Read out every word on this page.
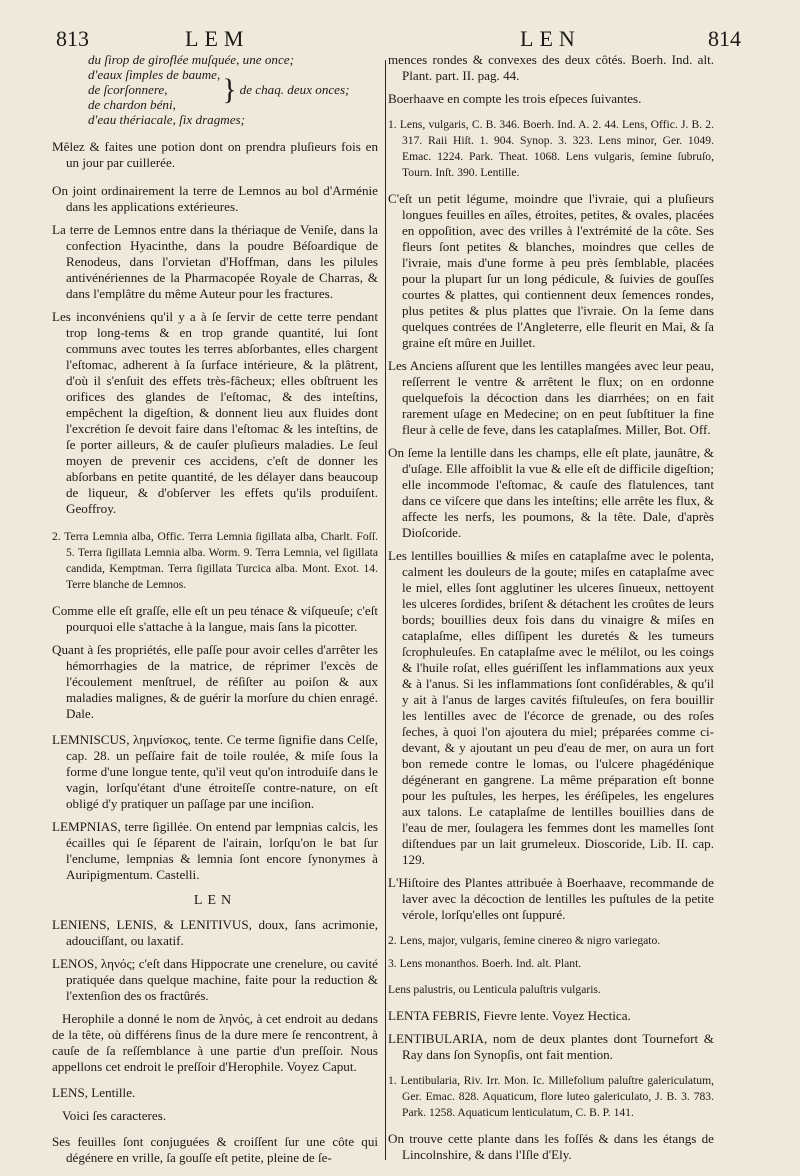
813	LEM	LEN	814
du ſirop de giroflée muſquée, une once;
d'eaux ſimples de baume,
de ſcorſonnere,
de chardon béni,	} de chaq. deux onces;
d'eau thériacale, ſix dragmes;

Mêlez & faites une potion dont on prendra pluſieurs fois en un jour par cuillerée.

On joint ordinairement la terre de Lemnos au bol d'Arménie dans les applications extérieures.

La terre de Lemnos entre dans la thériaque de Veniſe, dans la confection Hyacinthe, dans la poudre Béſoardique de Renodeus, dans l'orvietan d'Hoffman, dans les pilules antivénériennes de la Pharmacopée Royale de Charras, & dans l'emplâtre du même Auteur pour les fractures.

Les inconvéniens qu'il y a à ſe ſervir de cette terre pendant trop long-tems & en trop grande quantité, lui ſont communs avec toutes les terres abſorbantes, elles chargent l'eſtomac, adherent à ſa ſurface intérieure, & la plâtrent, d'où il s'enſuit des effets très-fâcheux; elles obſtruent les orifices des glandes de l'eſtomac, & des inteſtins, empêchent la digeſtion, & donnent lieu aux fluides dont l'excrétion ſe devoit faire dans l'eſtomac & les inteſtins, de ſe porter ailleurs, & de cauſer pluſieurs maladies. Le ſeul moyen de prevenir ces accidens, c'eſt de donner les abſorbans en petite quantité, de les délayer dans beaucoup de liqueur, & d'obſerver les effets qu'ils produiſent. Geoffroy.

2. Terra Lemnia alba, Offic. Terra Lemnia ſigillata alba, Charlt. Foſſ. 5. Terra ſigillata Lemnia alba. Worm. 9. Terra Lemnia, vel ſigillata candida, Kemptman. Terra ſigillata Turcica alba. Mont. Exot. 14. Terre blanche de Lemnos.

Comme elle eſt graſſe, elle eſt un peu ténace & viſqueuſe; c'eſt pourquoi elle s'attache à la langue, mais ſans la picotter.

Quant à ſes propriétés, elle paſſe pour avoir celles d'arrêter les hémorrhagies de la matrice, de réprimer l'excès de l'écoulement menſtruel, de réſiſter au poiſon & aux maladies malignes, & de guérir la morſure du chien enragé. Dale.

LEMNISCUS, λημνίσκος, tente. Ce terme ſignifie dans Celſe, cap. 28. un peſſaire fait de toile roulée, & miſe ſous la forme d'une longue tente, qu'il veut qu'on introduiſe dans le vagin, lorſqu'étant d'une étroiteſſe contre-nature, on eſt obligé d'y pratiquer un paſſage par une inciſion.

LEMPNIAS, terre ſigillée. On entend par lempnias calcis, les écailles qui ſe ſéparent de l'airain, lorſqu'on le bat ſur l'enclume, lempnias & lemnia ſont encore ſynonymes à Auripigmentum. Castelli.

LEN

LENIENS, LENIS, & LENITIVUS, doux, ſans acrimonie, adouciſſant, ou laxatif.

LENOS, ληνός; c'eſt dans Hippocrate une crenelure, ou cavité pratiquée dans quelque machine, faite pour la reduction & l'extenſion des os fractûrés.

Herophile a donné le nom de ληνός, à cet endroit au dedans de la tête, où différens ſinus de la dure mere ſe rencontrent, à cauſe de ſa reſſemblance à une partie d'un preſſoir. Nous appellons cet endroit le preſſoir d'Herophile. Voyez Caput.

LENS, Lentille.

Voici ſes caracteres.

Ses feuilles ſont conjuguées & croiſſent ſur une côte qui dégénere en vrille, ſa gouſſe eſt petite, pleine de ſe-

mences rondes & convexes des deux côtés. Boerh. Ind. alt. Plant. part. II. pag. 44.

Boerhaave en compte les trois eſpeces ſuivantes.

1. Lens, vulgaris, C. B. 346. Boerh. Ind. A. 2. 44. Lens, Offic. J. B. 2. 317. Raii Hiſt. 1. 904. Synop. 3. 323. Lens minor, Ger. 1049. Emac. 1224. Park. Theat. 1068. Lens vulgaris, ſemine ſubruſo, Tourn. Inſt. 390. Lentille.

C'eſt un petit légume, moindre que l'ivraie, qui a pluſieurs longues feuilles en aîles, étroites, petites, & ovales, placées en oppoſition, avec des vrilles à l'extrémité de la côte. Ses fleurs ſont petites & blanches, moindres que celles de l'ivraie, mais d'une forme à peu près ſemblable, placées pour la plupart ſur un long pédicule, & ſuivies de gouſſes courtes & plattes, qui contiennent deux ſemences rondes, plus petites & plus plattes que l'ivraie. On la ſeme dans quelques contrées de l'Angleterre, elle fleurit en Mai, & ſa graine eſt mûre en Juillet.

Les Anciens aſſurent que les lentilles mangées avec leur peau, reſſerrent le ventre & arrêtent le flux; on en ordonne quelquefois la décoction dans les diarrhées; on en fait rarement uſage en Medecine; on en peut ſubſtituer la fine fleur à celle de feve, dans les cataplaſmes. Miller, Bot. Off.

On ſeme la lentille dans les champs, elle eſt plate, jaunâtre, & d'uſage. Elle affoiblit la vue & elle eſt de difficile digeſtion; elle incommode l'eſtomac, & cauſe des flatulences, tant dans ce viſcere que dans les inteſtins; elle arrête les flux, & affecte les nerfs, les poumons, & la tête. Dale, d'après Dioſcoride.

Les lentilles bouillies & miſes en cataplaſme avec le polenta, calment les douleurs de la goute; miſes en cataplaſme avec le miel, elles ſont agglutiner les ulceres ſinueux, nettoyent les ulceres ſordides, briſent & détachent les croûtes de leurs bords; bouillies deux fois dans du vinaigre & miſes en cataplaſme, elles diſſipent les duretés & les tumeurs ſcrophuleuſes. En cataplaſme avec le mélilot, ou les coings & l'huile roſat, elles guériſſent les inflammations aux yeux & à l'anus. Si les inflammations ſont conſidérables, & qu'il y ait à l'anus de larges cavités fiſtuleuſes, on fera bouillir les lentilles avec de l'écorce de grenade, ou des roſes ſeches, à quoi l'on ajoutera du miel; préparées comme ci-devant, & y ajoutant un peu d'eau de mer, on aura un fort bon remede contre le lomas, ou l'ulcere phagédénique dégénerant en gangrene. La même préparation eſt bonne pour les puſtules, les herpes, les éréſipeles, les engelures aux talons. Le cataplaſme de lentilles bouillies dans de l'eau de mer, ſoulagera les femmes dont les mamelles ſont diſtendues par un lait grumeleux. Dioscoride, Lib. II. cap. 129.

L'Hiſtoire des Plantes attribuée à Boerhaave, recommande de laver avec la décoction de lentilles les puſtules de la petite vérole, lorſqu'elles ont ſuppuré.

2. Lens, major, vulgaris, ſemine cinereo & nigro variegato.

3. Lens monanthos. Boerh. Ind. alt. Plant.

Lens palustris, ou Lenticula paluſtris vulgaris.

LENTA FEBRIS, Fievre lente. Voyez Hectica.

LENTIBULARIA, nom de deux plantes dont Tournefort & Ray dans ſon Synopſis, ont fait mention.

1. Lentibularia, Riv. Irr. Mon. Ic. Millefolium paluſtre galericulatum, Ger. Emac. 828. Aquaticum, flore luteo galericulato, J. B. 3. 783. Park. 1258. Aquaticum lenticulatum, C. B. P. 141.

On trouve cette plante dans les foſſés & dans les étangs de Lincolnshire, & dans l'Iſle d'Ely.
